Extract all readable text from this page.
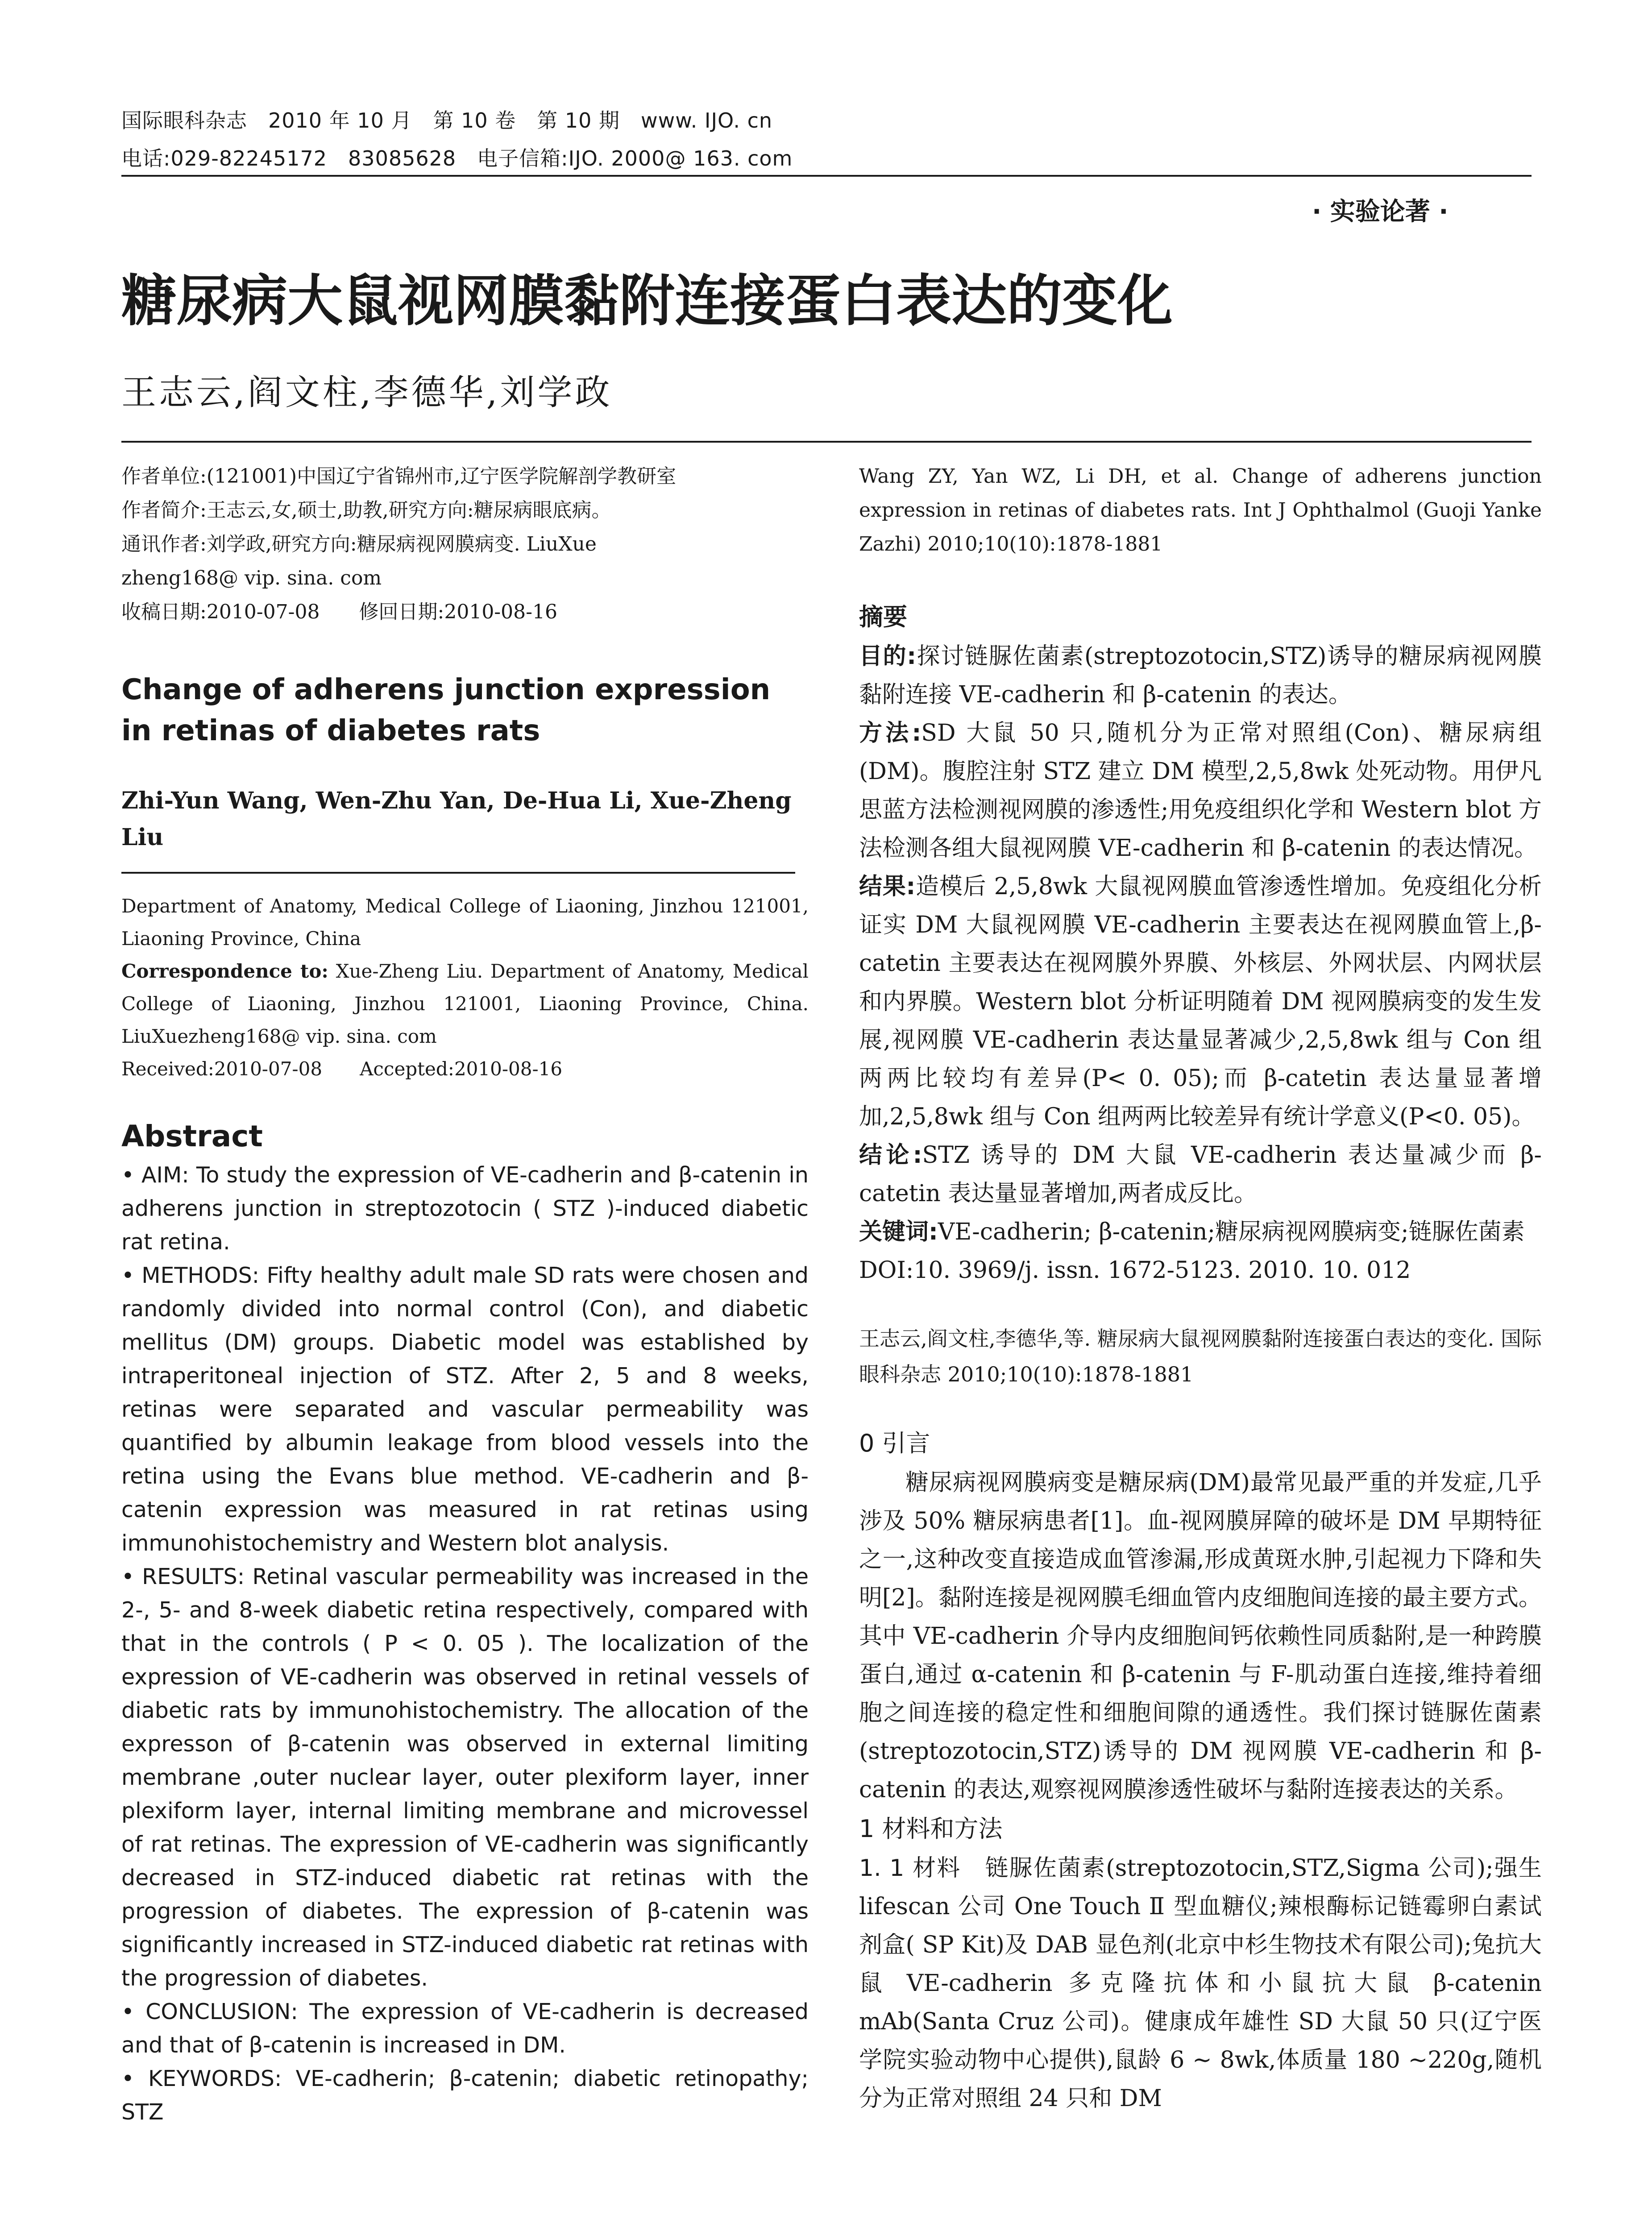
国际眼科杂志　2010 年 10 月　第 10 卷　第 10 期　www. IJO. cn
电话:029-82245172　83085628　电子信箱:IJO. 2000@ 163. com
· 实验论著 ·
糖尿病大鼠视网膜黏附连接蛋白表达的变化
王志云,阎文柱,李德华,刘学政
作者单位:(121001)中国辽宁省锦州市,辽宁医学院解剖学教研室
作者简介:王志云,女,硕士,助教,研究方向:糖尿病眼底病。
通讯作者:刘学政,研究方向:糖尿病视网膜病变. LiuXue
zheng168@ vip. sina. com
收稿日期:2010-07-08　　修回日期:2010-08-16
Change of adherens junction expression in retinas of diabetes rats
Zhi-Yun Wang, Wen-Zhu Yan, De-Hua Li, Xue-Zheng Liu

Department of Anatomy, Medical College of Liaoning, Jinzhou 121001, Liaoning Province, China

Correspondence to: Xue-Zheng Liu. Department of Anatomy, Medical College of Liaoning, Jinzhou 121001, Liaoning Province, China. LiuXuezheng168@ vip. sina. com

Received:2010-07-08　　Accepted:2010-08-16
Abstract

• AIM: To study the expression of VE-cadherin and β-catenin in adherens junction in streptozotocin ( STZ )-induced diabetic rat retina.

• METHODS: Fifty healthy adult male SD rats were chosen and randomly divided into normal control (Con), and diabetic mellitus (DM) groups. Diabetic model was established by intraperitoneal injection of STZ. After 2, 5 and 8 weeks, retinas were separated and vascular permeability was quantified by albumin leakage from blood vessels into the retina using the Evans blue method. VE-cadherin and β-catenin expression was measured in rat retinas using immunohistochemistry and Western blot analysis.

• RESULTS: Retinal vascular permeability was increased in the 2-, 5- and 8-week diabetic retina respectively, compared with that in the controls ( P < 0. 05 ). The localization of the expression of VE-cadherin was observed in retinal vessels of diabetic rats by immunohistochemistry. The allocation of the expresson of β-catenin was observed in external limiting membrane ,outer nuclear layer, outer plexiform layer, inner plexiform layer, internal limiting membrane and microvessel of rat retinas. The expression of VE-cadherin was significantly decreased in STZ-induced diabetic rat retinas with the progression of diabetes. The expression of β-catenin was significantly increased in STZ-induced diabetic rat retinas with the progression of diabetes.

• CONCLUSION: The expression of VE-cadherin is decreased and that of β-catenin is increased in DM.

• KEYWORDS: VE-cadherin; β-catenin; diabetic retinopathy; STZ

Wang ZY, Yan WZ, Li DH, et al. Change of adherens junction expression in retinas of diabetes rats. Int J Ophthalmol (Guoji Yanke Zazhi) 2010;10(10):1878-1881

摘要

目的:探讨链脲佐菌素(streptozotocin,STZ)诱导的糖尿病视网膜黏附连接 VE-cadherin 和 β-catenin 的表达。

方法:SD 大鼠 50 只,随机分为正常对照组(Con)、糖尿病组(DM)。腹腔注射 STZ 建立 DM 模型,2,5,8wk 处死动物。用伊凡思蓝方法检测视网膜的渗透性;用免疫组织化学和 Western blot 方法检测各组大鼠视网膜 VE-cadherin 和 β-catenin 的表达情况。

结果:造模后 2,5,8wk 大鼠视网膜血管渗透性增加。免疫组化分析证实 DM 大鼠视网膜 VE-cadherin 主要表达在视网膜血管上,β-catetin 主要表达在视网膜外界膜、外核层、外网状层、内网状层和内界膜。Western blot 分析证明随着 DM 视网膜病变的发生发展,视网膜 VE-cadherin 表达量显著减少,2,5,8wk 组与 Con 组两两比较均有差异(P< 0. 05);而 β-catetin 表达量显著增加,2,5,8wk 组与 Con 组两两比较差异有统计学意义(P<0. 05)。

结论:STZ 诱导的 DM 大鼠 VE-cadherin 表达量减少而 β-catetin 表达量显著增加,两者成反比。

关键词:VE-cadherin; β-catenin;糖尿病视网膜病变;链脲佐菌素

DOI:10. 3969/j. issn. 1672-5123. 2010. 10. 012

王志云,阎文柱,李德华,等. 糖尿病大鼠视网膜黏附连接蛋白表达的变化. 国际眼科杂志 2010;10(10):1878-1881

0 引言

糖尿病视网膜病变是糖尿病(DM)最常见最严重的并发症,几乎涉及 50% 糖尿病患者[1]。血-视网膜屏障的破坏是 DM 早期特征之一,这种改变直接造成血管渗漏,形成黄斑水肿,引起视力下降和失明[2]。黏附连接是视网膜毛细血管内皮细胞间连接的最主要方式。其中 VE-cadherin 介导内皮细胞间钙依赖性同质黏附,是一种跨膜蛋白,通过 α-catenin 和 β-catenin 与 F-肌动蛋白连接,维持着细胞之间连接的稳定性和细胞间隙的通透性。我们探讨链脲佐菌素(streptozotocin,STZ)诱导的 DM 视网膜 VE-cadherin 和 β-catenin 的表达,观察视网膜渗透性破坏与黏附连接表达的关系。

1 材料和方法

1. 1 材料　链脲佐菌素(streptozotocin,STZ,Sigma 公司);强生 lifescan 公司 One Touch Ⅱ 型血糖仪;辣根酶标记链霉卵白素试剂盒( SP Kit)及 DAB 显色剂(北京中杉生物技术有限公司);兔抗大鼠 VE-cadherin 多克隆抗体和小鼠抗大鼠 β-catenin mAb(Santa Cruz 公司)。健康成年雄性 SD 大鼠 50 只(辽宁医学院实验动物中心提供),鼠龄 6 ~ 8wk,体质量 180 ~220g,随机分为正常对照组 24 只和 DM
